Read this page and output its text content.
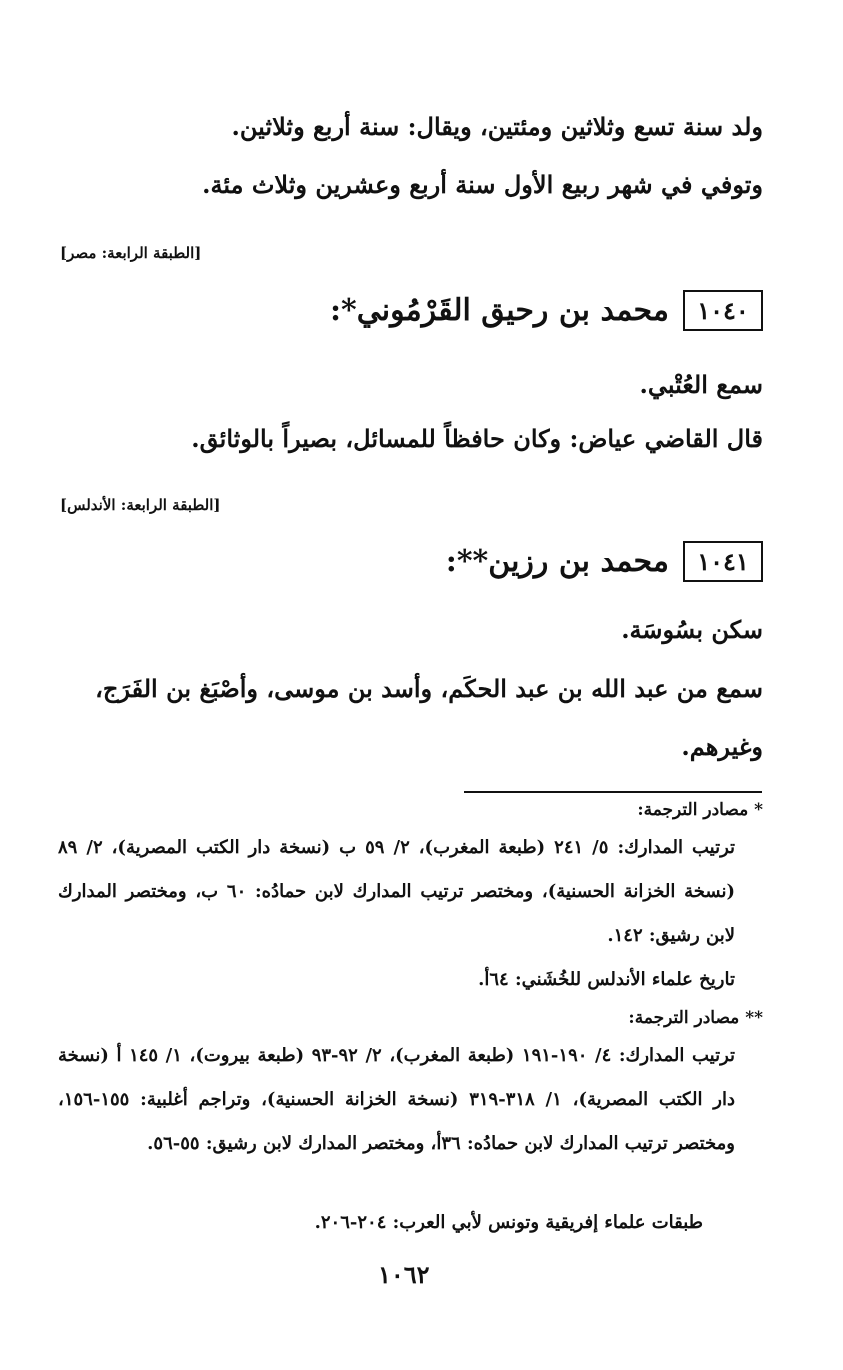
ولد سنة تسع وثلاثين ومئتين، ويقال: سنة أربع وثلاثين.
وتوفي في شهر ربيع الأول سنة أربع وعشرين وثلاث مئة.
[الطبقة الرابعة: مصر]
١٠٤٠
محمد بن رحيق القَرْمُوني*:
سمع العُتْبي.
قال القاضي عياض: وكان حافظاً للمسائل، بصيراً بالوثائق.
[الطبقة الرابعة: الأندلس]
١٠٤١
محمد بن رزين**:
سكن بسُوسَة.
سمع من عبد الله بن عبد الحكَم، وأسد بن موسى، وأصْبَغ بن الفَرَج،
وغيرهم.
* مصادر الترجمة:

ترتيب المدارك: ٥/ ٢٤١ (طبعة المغرب)، ٢/ ٥٩ ب (نسخة دار الكتب المصرية)، ٢/ ٨٩ (نسخة الخزانة الحسنية)، ومختصر ترتيب المدارك لابن حمادُه: ٦٠ ب، ومختصر المدارك لابن رشيق: ١٤٢.

تاريخ علماء الأندلس للخُشَني: ٦٤أ.

** مصادر الترجمة:

ترتيب المدارك: ٤/ ١٩٠-١٩١ (طبعة المغرب)، ٢/ ٩٢-٩٣ (طبعة بيروت)، ١/ ١٤٥ أ (نسخة دار الكتب المصرية)، ١/ ٣١٨-٣١٩ (نسخة الخزانة الحسنية)، وتراجم أغلبية: ١٥٥-١٥٦، ومختصر ترتيب المدارك لابن حمادُه: ٣٦أ، ومختصر المدارك لابن رشيق: ٥٥-٥٦.

طبقات علماء إفريقية وتونس لأبي العرب: ٢٠٤-٢٠٦.
١٠٦٢
